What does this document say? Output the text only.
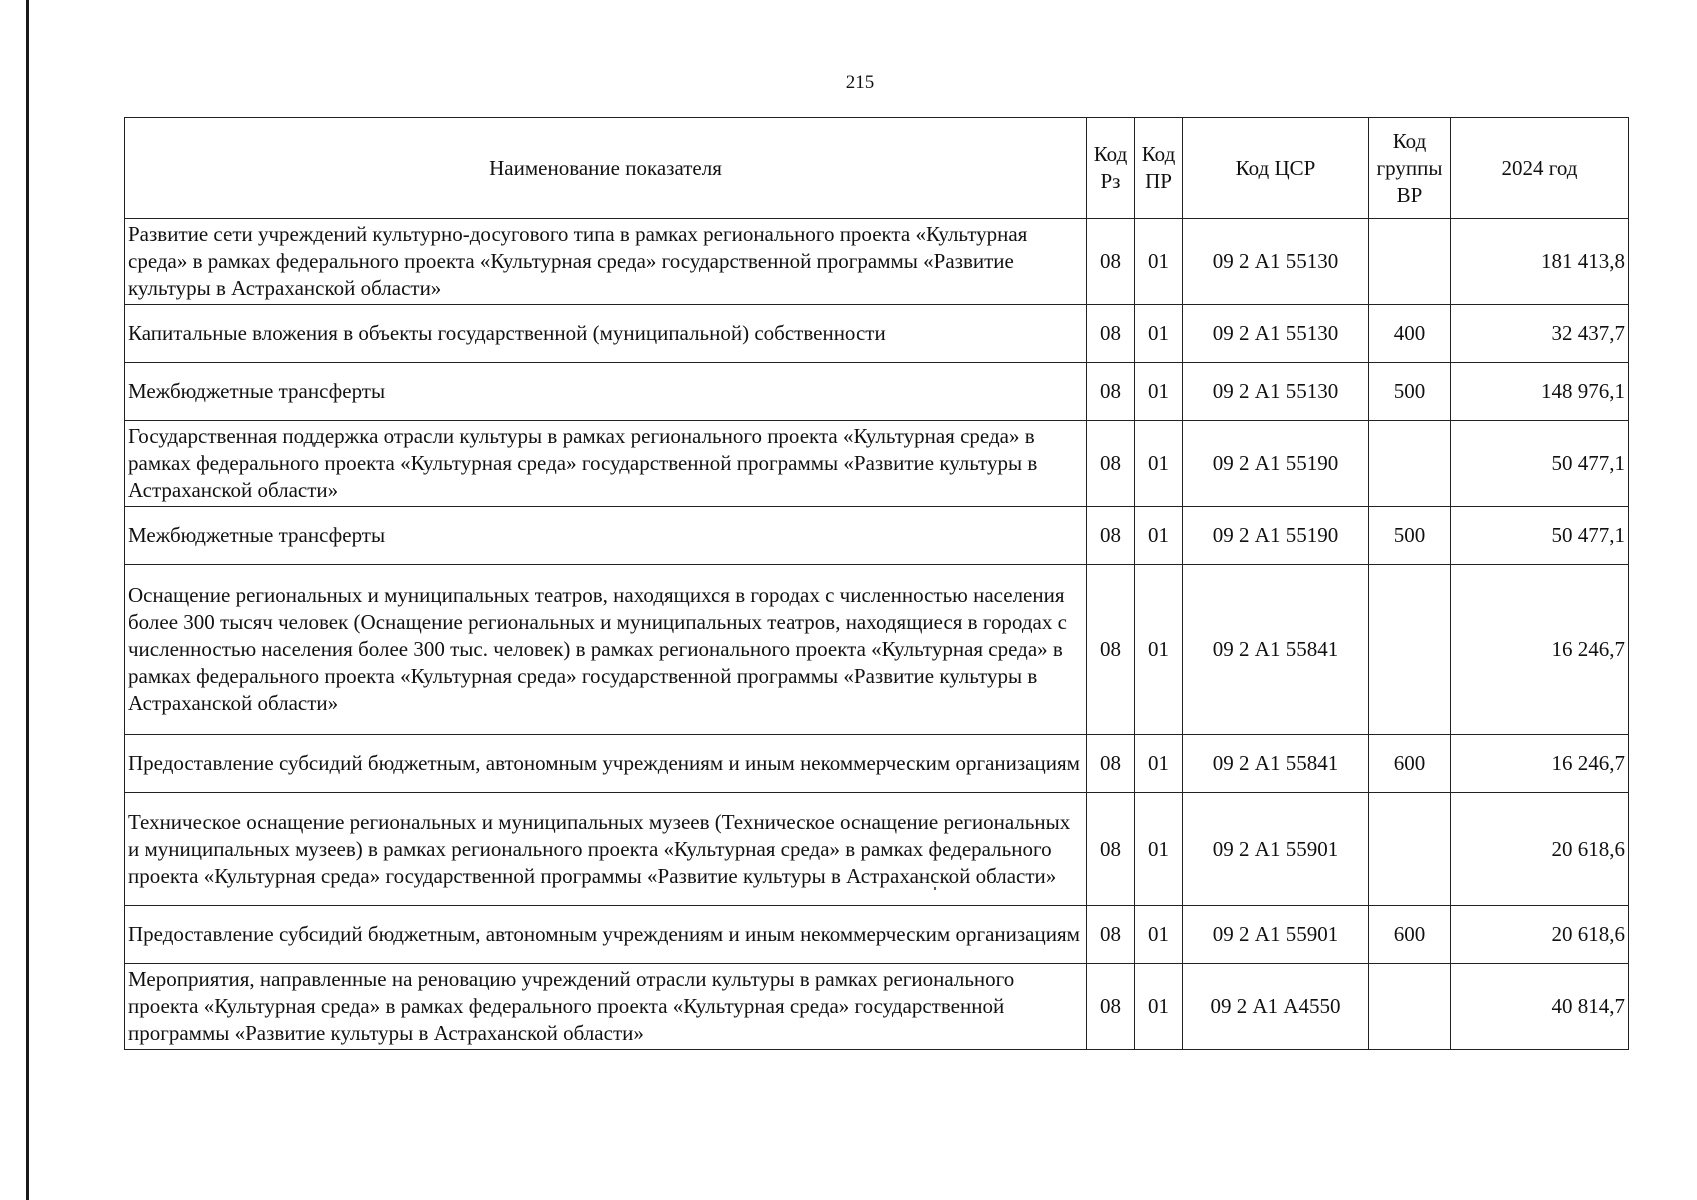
215
Наименование показателя	Код Рз	Код ПР	Код ЦСР	Код группы ВР	2024 год
Развитие сети учреждений культурно-досугового типа в рамках регионального проекта «Культурная среда» в рамках федерального проекта «Культурная среда» государственной программы «Развитие культуры в Астраханской области»	08	01	09 2 А1 55130		181 413,8
Капитальные вложения в объекты государственной (муниципальной) собственности	08	01	09 2 А1 55130	400	32 437,7
Межбюджетные трансферты	08	01	09 2 А1 55130	500	148 976,1
Государственная поддержка отрасли культуры в рамках регионального проекта «Культурная среда» в рамках федерального проекта «Культурная среда» государственной программы «Развитие культуры в Астраханской области»	08	01	09 2 А1 55190		50 477,1
Межбюджетные трансферты	08	01	09 2 А1 55190	500	50 477,1
Оснащение региональных и муниципальных театров, находящихся в городах с численностью населения более 300 тысяч человек (Оснащение региональных и муниципальных театров, находящиеся в городах с численностью населения более 300 тыс. человек) в рамках регионального проекта «Культурная среда» в рамках федерального проекта «Культурная среда» государственной программы «Развитие культуры в Астраханской области»	08	01	09 2 А1 55841		16 246,7
Предоставление субсидий бюджетным, автономным учреждениям и иным некоммерческим организациям	08	01	09 2 А1 55841	600	16 246,7
Техническое оснащение региональных и муниципальных музеев (Техническое оснащение региональных и муниципальных музеев) в рамках регионального проекта «Культурная среда» в рамках федерального проекта «Культурная среда» государственной программы «Развитие культуры в Астраханской области»	08	01	09 2 А1 55901		20 618,6
Предоставление субсидий бюджетным, автономным учреждениям и иным некоммерческим организациям	08	01	09 2 А1 55901	600	20 618,6
Мероприятия, направленные на реновацию учреждений отрасли культуры в рамках регионального проекта «Культурная среда» в рамках федерального проекта «Культурная среда» государственной программы «Развитие культуры в Астраханской области»	08	01	09 2 А1 А4550		40 814,7
